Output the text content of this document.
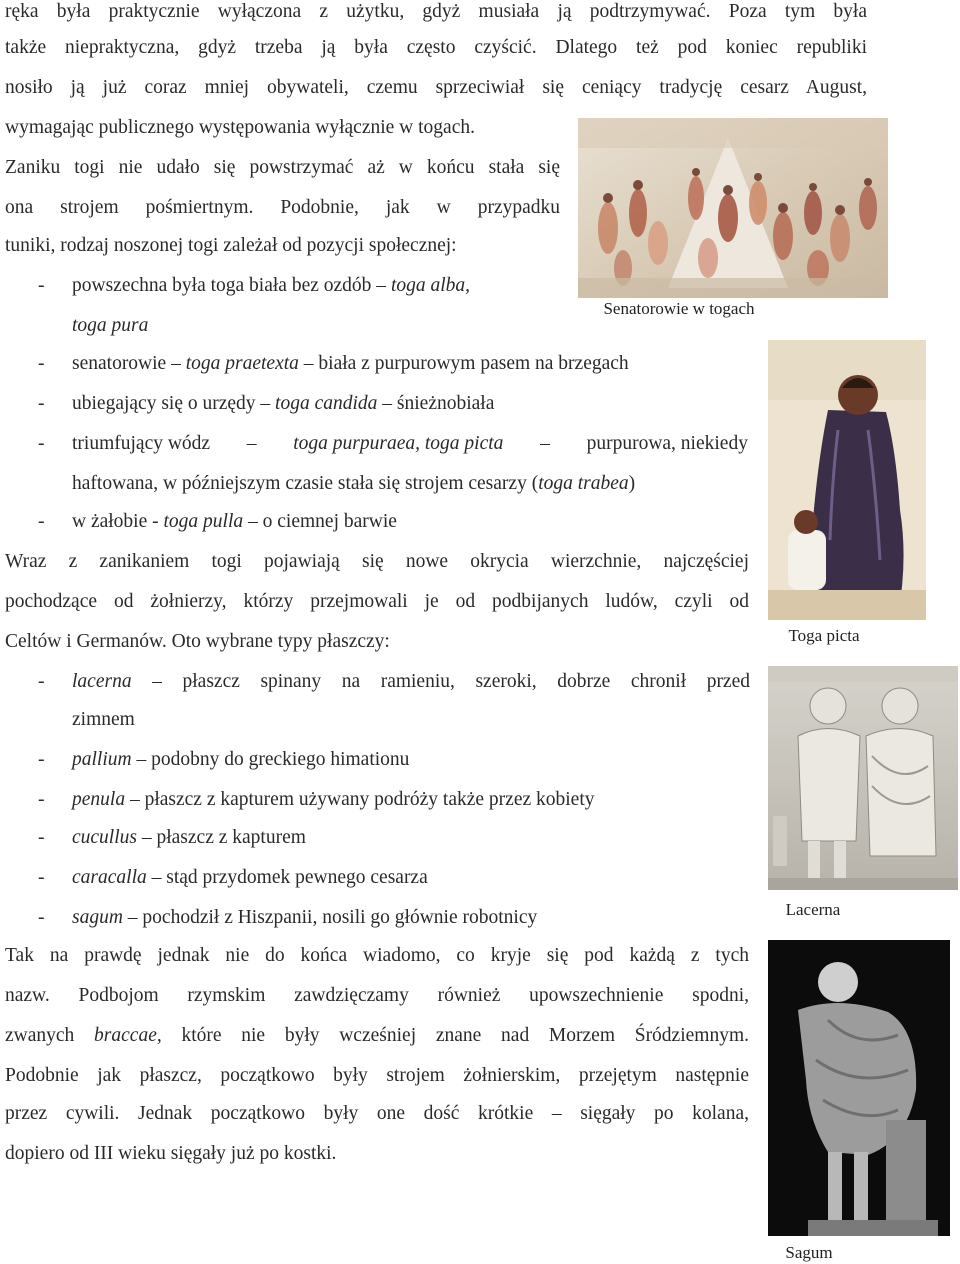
ręka była praktycznie wyłączona z użytku, gdyż musiała ją podtrzymywać. Poza tym była
także niepraktyczna, gdyż trzeba ją była często czyścić. Dlatego też pod koniec republiki
nosiło ją już coraz mniej obywateli, czemu sprzeciwiał się ceniący tradycję cesarz August,
wymagając publicznego występowania wyłącznie w togach.
Zaniku togi nie udało się powstrzymać aż w końcu stała się
ona strojem pośmiertnym. Podobnie, jak w przypadku
tuniki, rodzaj noszonej togi zależał od pozycji społecznej:
- powszechna była toga biała bez ozdób – toga alba,
toga pura
- senatorowie – toga praetexta – biała z purpurowym pasem na brzegach
- ubiegający się o urzędy – toga candida – śnieżnobiała
- triumfujący wódz – toga purpuraea, toga picta – purpurowa, niekiedy
haftowana, w późniejszym czasie stała się strojem cesarzy (toga trabea)
- w żałobie - toga pulla – o ciemnej barwie
Wraz z zanikaniem togi pojawiają się nowe okrycia wierzchnie, najczęściej
pochodzące od żołnierzy, którzy przejmowali je od podbijanych ludów, czyli od
Celtów i Germanów. Oto wybrane typy płaszczy:
- lacerna – płaszcz spinany na ramieniu, szeroki, dobrze chronił przed
zimnem
- pallium – podobny do greckiego himationu
- penula – płaszcz z kapturem używany podróży także przez kobiety
- cucullus – płaszcz z kapturem
- caracalla – stąd przydomek pewnego cesarza
- sagum – pochodził z Hiszpanii, nosili go głównie robotnicy
Tak na prawdę jednak nie do końca wiadomo, co kryje się pod każdą z tych
nazw. Podbojom rzymskim zawdzięczamy również upowszechnienie spodni,
zwanych braccae, które nie były wcześniej znane nad Morzem Śródziemnym.
Podobnie jak płaszcz, początkowo były strojem żołnierskim, przejętym następnie
przez cywili. Jednak początkowo były one dość krótkie – sięgały po kolana,
dopiero od III wieku sięgały już po kostki.
Senatorowie w togach
Toga picta
Lacerna
Sagum
